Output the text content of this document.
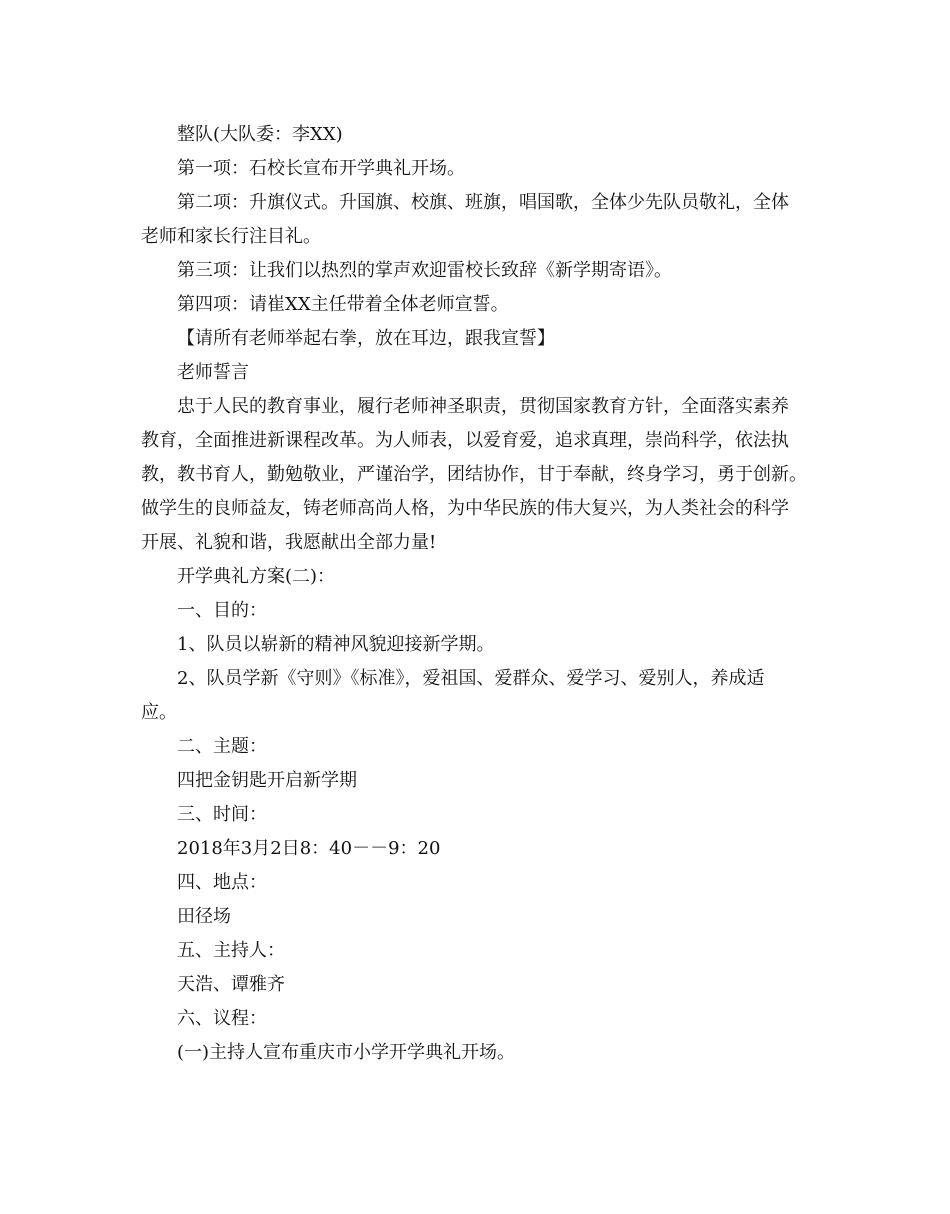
整队(大队委：李XX)
第一项：石校长宣布开学典礼开场。
第二项：升旗仪式。升国旗、校旗、班旗，唱国歌，全体少先队员敬礼，全体
老师和家长行注目礼。
第三项：让我们以热烈的掌声欢迎雷校长致辞《新学期寄语》。
第四项：请崔XX主任带着全体老师宣誓。
【请所有老师举起右拳，放在耳边，跟我宣誓】
老师誓言
忠于人民的教育事业，履行老师神圣职责，贯彻国家教育方针，全面落实素养
教育，全面推进新课程改革。为人师表，以爱育爱，追求真理，崇尚科学，依法执
教，教书育人，勤勉敬业，严谨治学，团结协作，甘于奉献，终身学习，勇于创新。
做学生的良师益友，铸老师高尚人格，为中华民族的伟大复兴，为人类社会的科学
开展、礼貌和谐，我愿献出全部力量!
开学典礼方案(二)：
一、目的：
1、队员以崭新的精神风貌迎接新学期。
2、队员学新《守则》《标准》，爱祖国、爱群众、爱学习、爱别人，养成适
应。
二、主题：
四把金钥匙开启新学期
三、时间：
2018年3月2日8：40－－9：20
四、地点：
田径场
五、主持人：
天浩、谭雅齐
六、议程：
(一)主持人宣布重庆市小学开学典礼开场。
